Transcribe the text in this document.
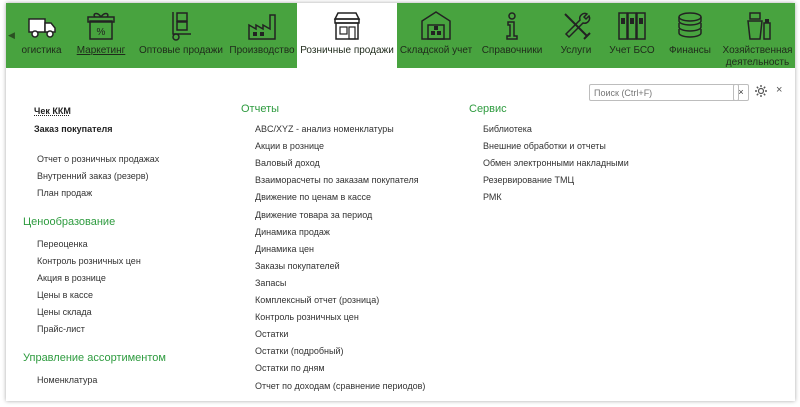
◀
огистика
%
Маркетинг	Оптовые продажи Производство Розничные продажи Складской учет Справочники	Услуги	Учет БСО	Финансы	Хозяйственная деятельность
Поиск (Ctrl+F)
×	×
Чек ККМ
Заказ покупателя
Отчет о розничных продажах
Внутренний заказ (резерв)
План продаж
Ценообразование
Переоценка
Контроль розничных цен
Акция в рознице
Цены в кассе
Цены склада
Прайс-лист
Управление ассортиментом
Номенклатура
Отчеты
ABC/XYZ - анализ номенклатуры
Акции в рознице
Валовый доход
Взаиморасчеты по заказам покупателя
Движение по ценам в кассе
Движение товара за период
Динамика продаж
Динамика цен
Заказы покупателей
Запасы
Комплексный отчет (розница)
Контроль розничных цен
Остатки
Остатки (подробный)
Остатки по дням
Отчет по доходам (сравнение периодов)
Сервис
Библиотека
Внешние обработки и отчеты
Обмен электронными накладными
Резервирование ТМЦ
РМК
